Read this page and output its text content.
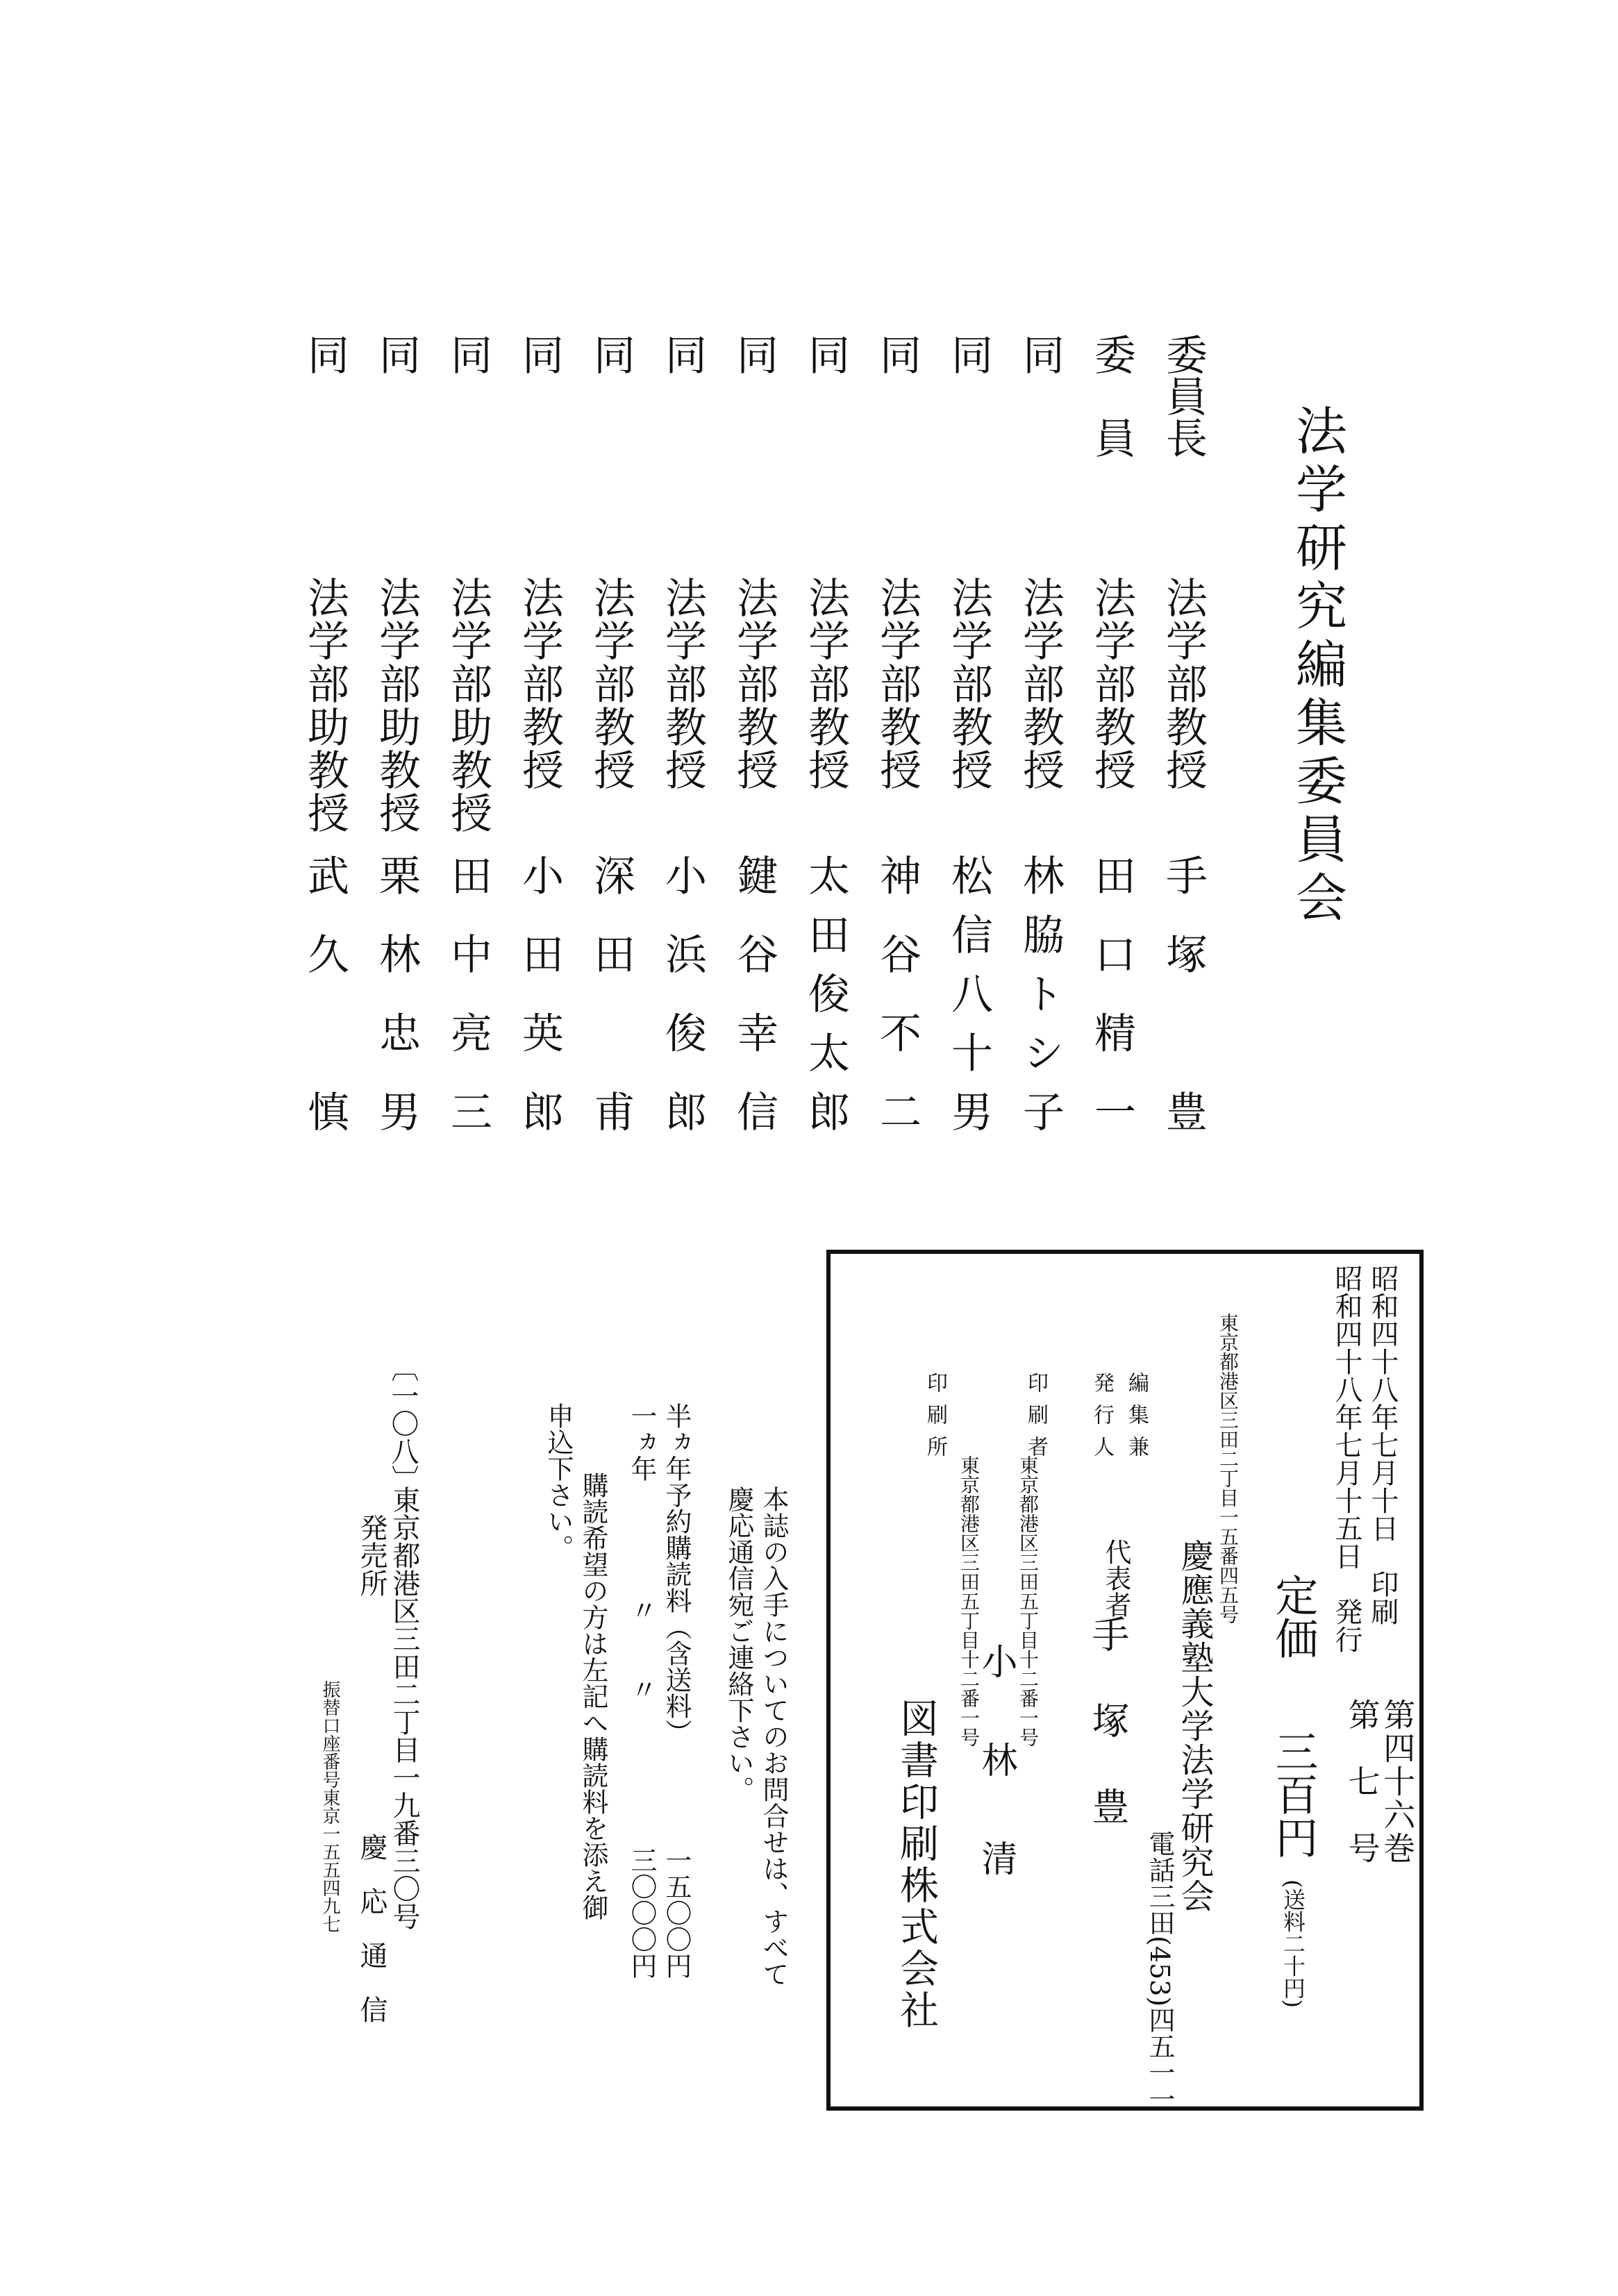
法学研究編集委員会
委員長
法学部教授
手塚　豊
委　員
法学部教授
田口精一
同
法学部教授
林脇トシ子
同
法学部教授
松信八十男
同
法学部教授
神谷不二
同
法学部教授
太田俊太郎
同
法学部教授
鍵谷幸信
同
法学部教授
小浜俊郎
同
法学部教授
深田　甫
同
法学部教授
小田英郎
同
法学部助教授
田中亮三
同
法学部助教授
栗林忠男
同
法学部助教授
武久　慎
昭和四十八年七月十日　印刷
昭和四十八年七月十五日　発行
第四十六巻
第　七　号
定価 　 三百円 (送料二十円)
東京都港区三田二丁目一五番四五号
慶應義塾大学法学研究会
電話三田(453)四五一一
編集兼
発行人
代表者
手塚豊
東京都港区三田五丁目十二番一号
印刷者
小林清
東京都港区三田五丁目十二番一号
印刷所
図書印刷株式会社
本誌の入手についてのお問合せは、すべて
慶応通信宛ご連絡下さい。
半ヵ年予約購読料（含送料）
一五〇〇円
一ヵ年
〃　　〃
三〇〇〇円
購読希望の方は左記へ購読料を添え御
申込下さい。
〔一〇八〕
東京都港区三田二丁目一九番三〇号
発売所
慶応通信
振替口座番号東京一五五四九七
